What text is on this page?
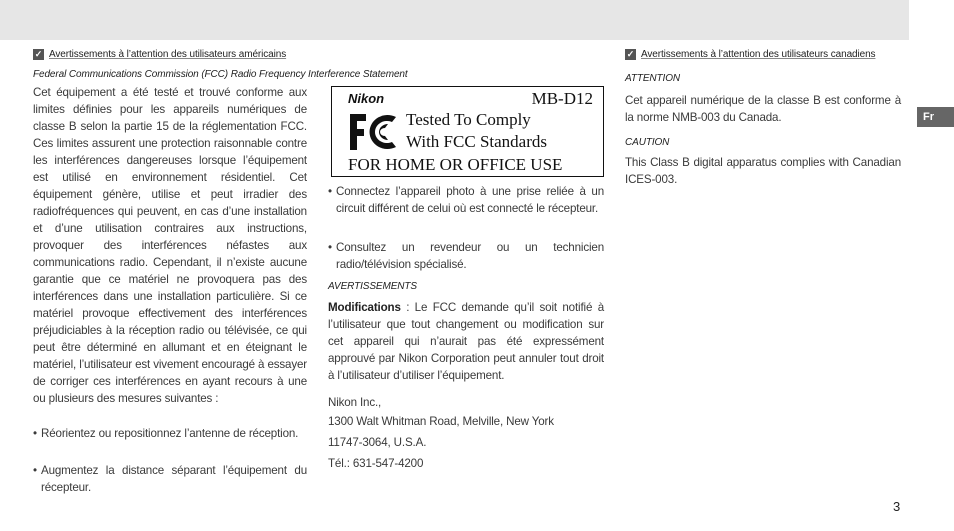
✓ Avertissements à l’attention des utilisateurs américains
Federal Communications Commission (FCC) Radio Frequency Interference Statement
Cet équipement a été testé et trouvé conforme aux limites définies pour les appareils numériques de classe B selon la partie 15 de la réglementation FCC. Ces limites assurent une protection raisonnable contre les interférences dangereuses lorsque l’équipement est utilisé en environnement résidentiel. Cet équipement génère, utilise et peut irradier des radiofréquences qui peuvent, en cas d’une installation et d’une utilisation contraires aux instructions, provoquer des interférences néfastes aux communications radio. Cependant, il n’existe aucune garantie que ce matériel ne provoquera pas des interférences dans une installation particulière. Si ce matériel provoque effectivement des interférences préjudiciables à la réception radio ou télévisée, ce qui peut être déterminé en allumant et en éteignant le matériel, l’utilisateur est vivement encouragé à essayer de corriger ces interférences en ayant recours à une ou plusieurs des mesures suivantes :
• Réorientez ou repositionnez l’antenne de réception.
• Augmentez la distance séparant l’équipement du récepteur.
Nikon	MB-D12
Tested To Comply
With FCC Standards
FOR HOME OR OFFICE USE
• Connectez l’appareil photo à une prise reliée à un circuit différent de celui où est connecté le récepteur.
• Consultez un revendeur ou un technicien radio/télévision spécialisé.
AVERTISSEMENTS
Modifications : Le FCC demande qu’il soit notifié à l’utilisateur que tout changement ou modification sur cet appareil qui n’aurait pas été expressément approuvé par Nikon Corporation peut annuler tout droit à l’utilisateur d’utiliser l’équipement.
Nikon Inc.,
1300 Walt Whitman Road, Melville, New York
11747-3064, U.S.A.
Tél.: 631-547-4200
✓ Avertissements à l’attention des utilisateurs canadiens
ATTENTION
Cet appareil numérique de la classe B est conforme à la norme NMB-003 du Canada.
CAUTION
This Class B digital apparatus complies with Canadian ICES-003.
Fr
3
